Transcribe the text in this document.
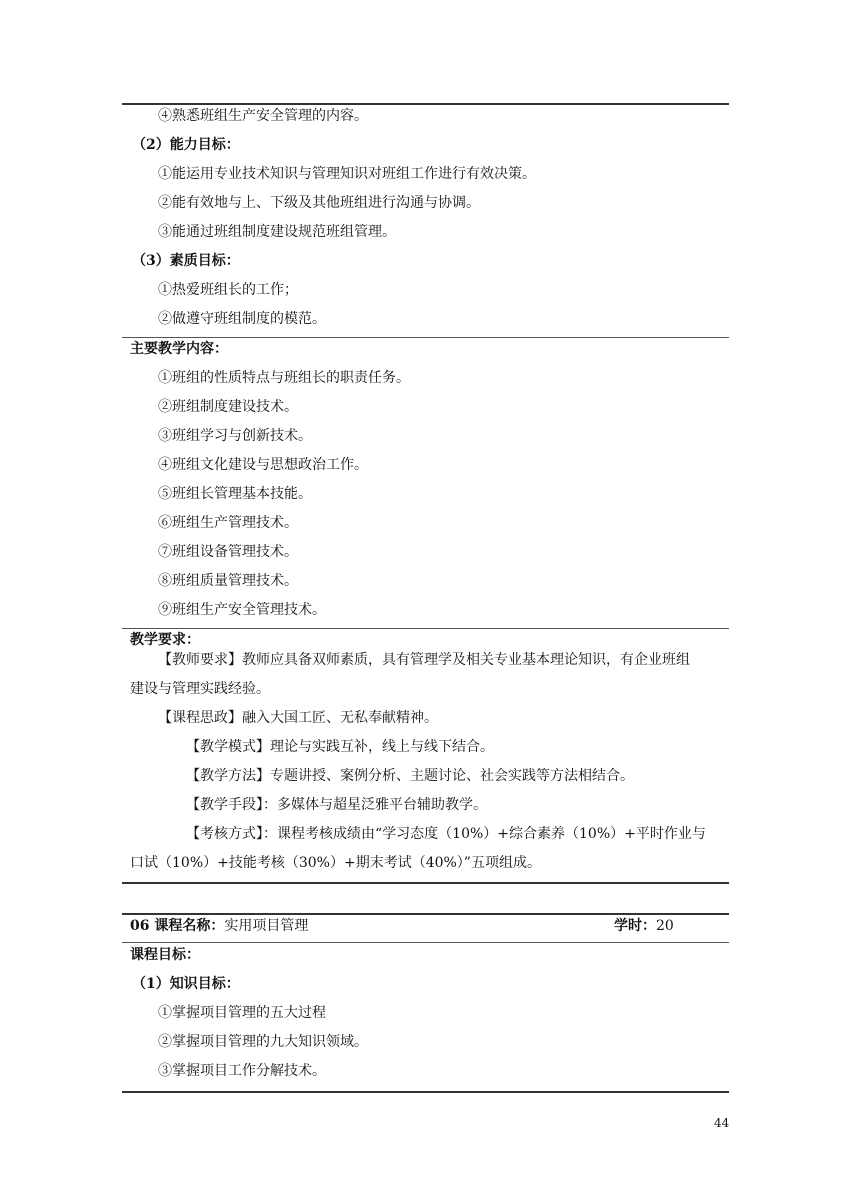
④熟悉班组生产安全管理的内容。
（2）能力目标：
①能运用专业技术知识与管理知识对班组工作进行有效决策。
②能有效地与上、下级及其他班组进行沟通与协调。
③能通过班组制度建设规范班组管理。
（3）素质目标：
①热爱班组长的工作；
②做遵守班组制度的模范。
主要教学内容：
①班组的性质特点与班组长的职责任务。
②班组制度建设技术。
③班组学习与创新技术。
④班组文化建设与思想政治工作。
⑤班组长管理基本技能。
⑥班组生产管理技术。
⑦班组设备管理技术。
⑧班组质量管理技术。
⑨班组生产安全管理技术。
教学要求：
【教师要求】教师应具备双师素质，具有管理学及相关专业基本理论知识，有企业班组
建设与管理实践经验。
【课程思政】融入大国工匠、无私奉献精神。
【教学模式】理论与实践互补，线上与线下结合。
【教学方法】专题讲授、案例分析、主题讨论、社会实践等方法相结合。
【教学手段】：多媒体与超星泛雅平台辅助教学。
【考核方式】：课程考核成绩由“学习态度（10%）+综合素养（10%）+平时作业与
口试（10%）+技能考核（30%）+期末考试（40%）”五项组成。
06 课程名称：实用项目管理	学时：20
课程目标：
（1）知识目标：
①掌握项目管理的五大过程
②掌握项目管理的九大知识领域。
③掌握项目工作分解技术。
44
